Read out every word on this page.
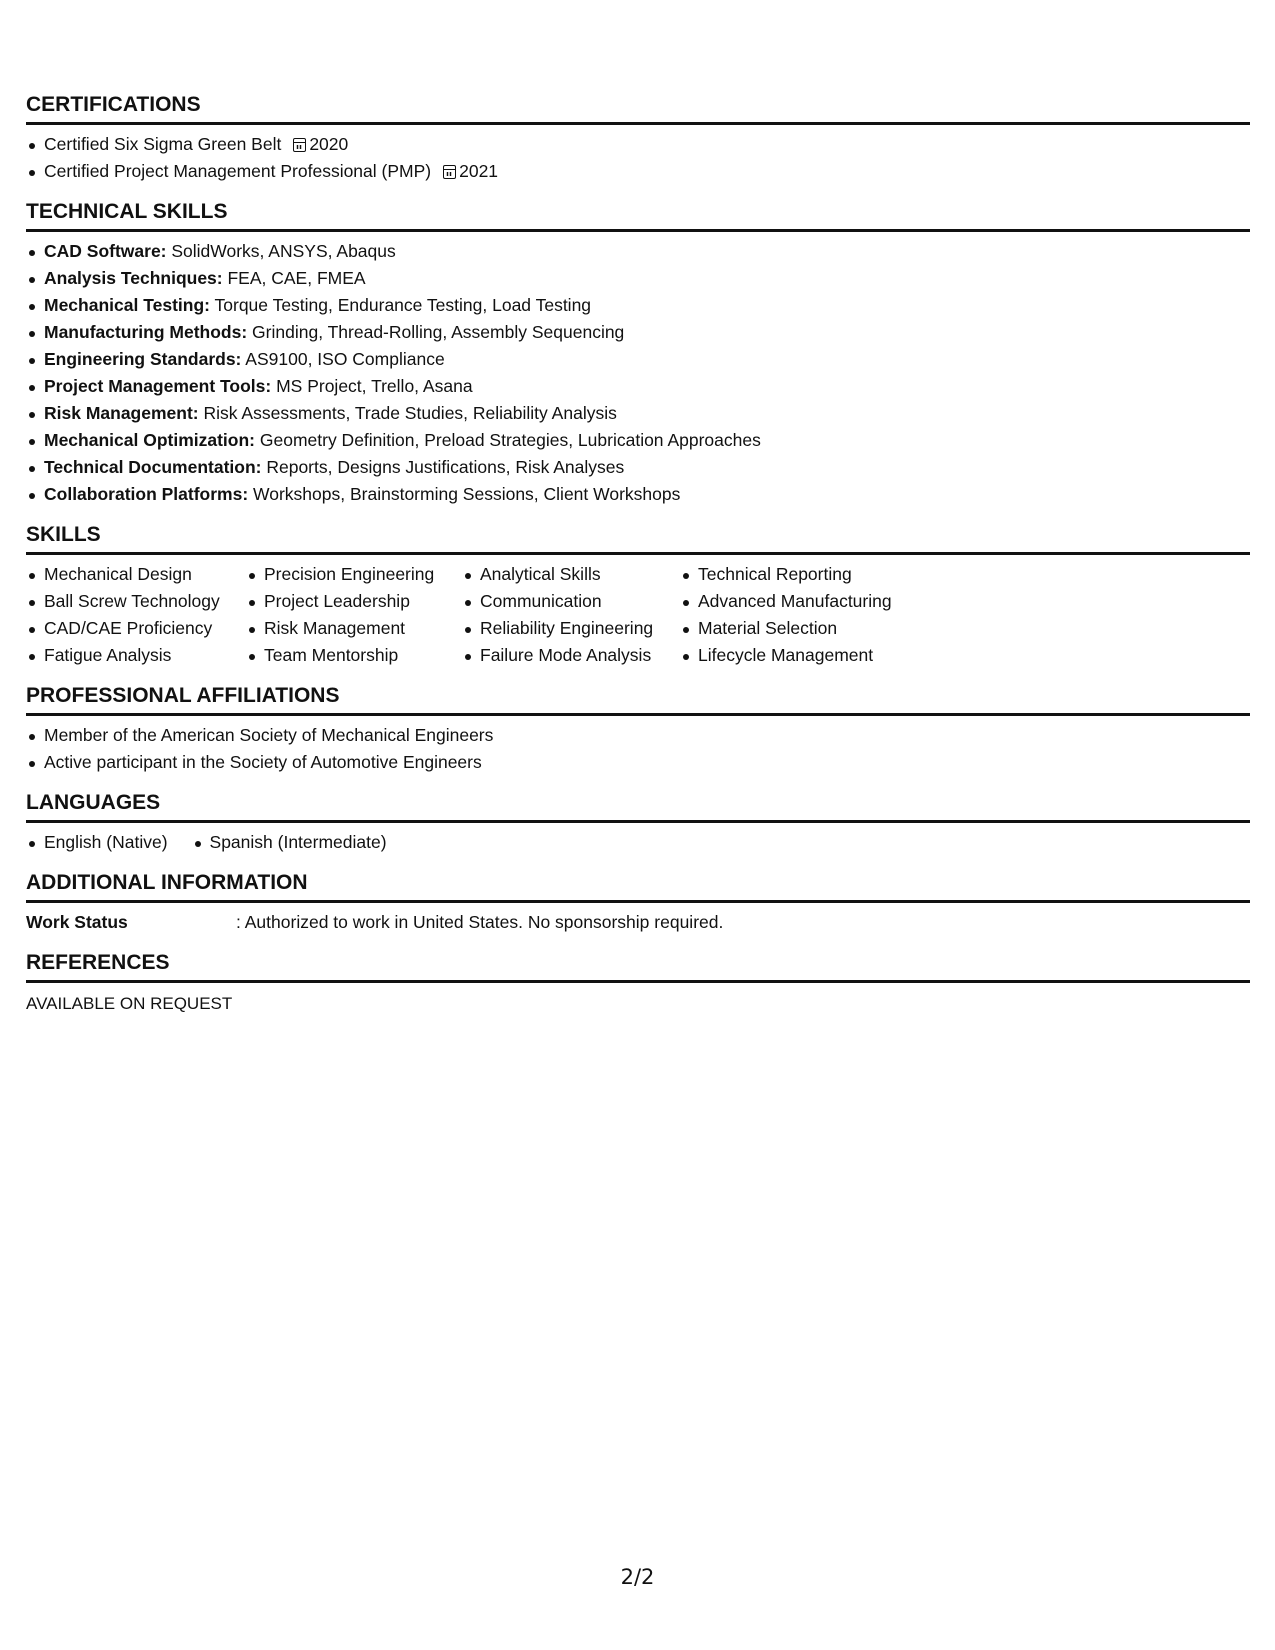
CERTIFICATIONS
Certified Six Sigma Green Belt 2020
Certified Project Management Professional (PMP) 2021
TECHNICAL SKILLS
CAD Software: SolidWorks, ANSYS, Abaqus
Analysis Techniques: FEA, CAE, FMEA
Mechanical Testing: Torque Testing, Endurance Testing, Load Testing
Manufacturing Methods: Grinding, Thread-Rolling, Assembly Sequencing
Engineering Standards: AS9100, ISO Compliance
Project Management Tools: MS Project, Trello, Asana
Risk Management: Risk Assessments, Trade Studies, Reliability Analysis
Mechanical Optimization: Geometry Definition, Preload Strategies, Lubrication Approaches
Technical Documentation: Reports, Designs Justifications, Risk Analyses
Collaboration Platforms: Workshops, Brainstorming Sessions, Client Workshops
SKILLS
Mechanical Design
Ball Screw Technology
CAD/CAE Proficiency
Fatigue Analysis
Precision Engineering
Project Leadership
Risk Management
Team Mentorship
Analytical Skills
Communication
Reliability Engineering
Failure Mode Analysis
Technical Reporting
Advanced Manufacturing
Material Selection
Lifecycle Management
PROFESSIONAL AFFILIATIONS
Member of the American Society of Mechanical Engineers
Active participant in the Society of Automotive Engineers
LANGUAGES
English (Native)	Spanish (Intermediate)
ADDITIONAL INFORMATION
Work Status	: Authorized to work in United States. No sponsorship required.
REFERENCES
AVAILABLE ON REQUEST
2/2
